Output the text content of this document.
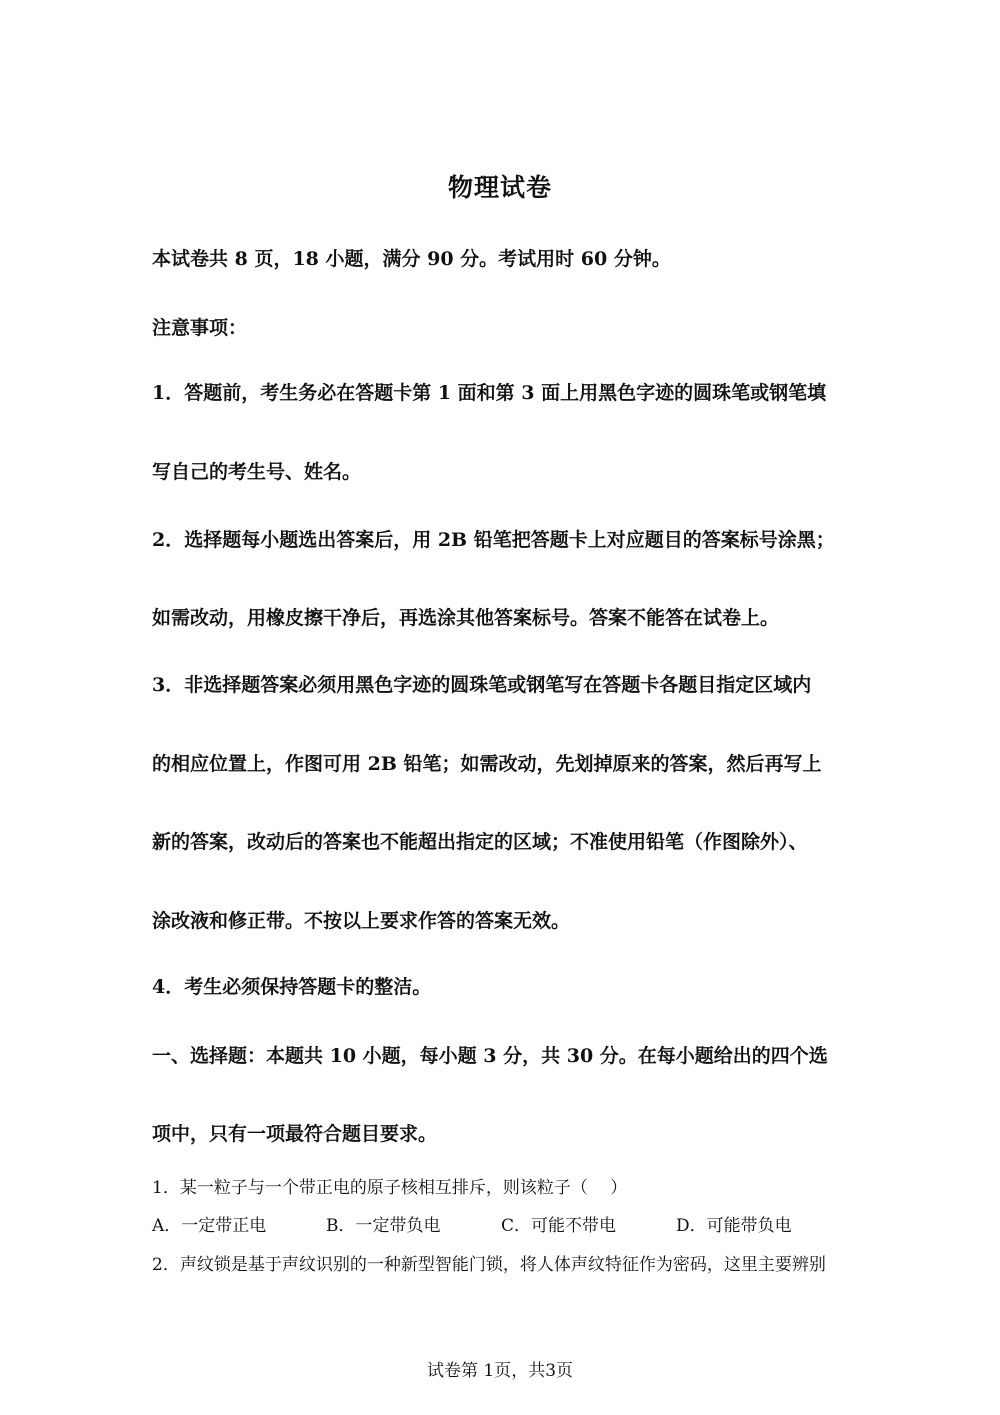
物理试卷
本试卷共 8 页，18 小题，满分 90 分。考试用时 60 分钟。
注意事项：
1．答题前，考生务必在答题卡第 1 面和第 3 面上用黑色字迹的圆珠笔或钢笔填
写自己的考生号、姓名。
2．选择题每小题选出答案后，用 2B 铅笔把答题卡上对应题目的答案标号涂黑；
如需改动，用橡皮擦干净后，再选涂其他答案标号。答案不能答在试卷上。
3．非选择题答案必须用黑色字迹的圆珠笔或钢笔写在答题卡各题目指定区域内
的相应位置上，作图可用 2B 铅笔；如需改动，先划掉原来的答案，然后再写上
新的答案，改动后的答案也不能超出指定的区域；不准使用铅笔（作图除外）、
涂改液和修正带。不按以上要求作答的答案无效。
4．考生必须保持答题卡的整洁。
一、选择题：本题共 10 小题，每小题 3 分，共 30 分。在每小题给出的四个选
项中，只有一项最符合题目要求。
1．某一粒子与一个带正电的原子核相互排斥，则该粒子（　 ）
A．一定带正电	B．一定带负电	C．可能不带电	D．可能带负电
2．声纹锁是基于声纹识别的一种新型智能门锁，将人体声纹特征作为密码，这里主要辨别
试卷第 1页，共3页
